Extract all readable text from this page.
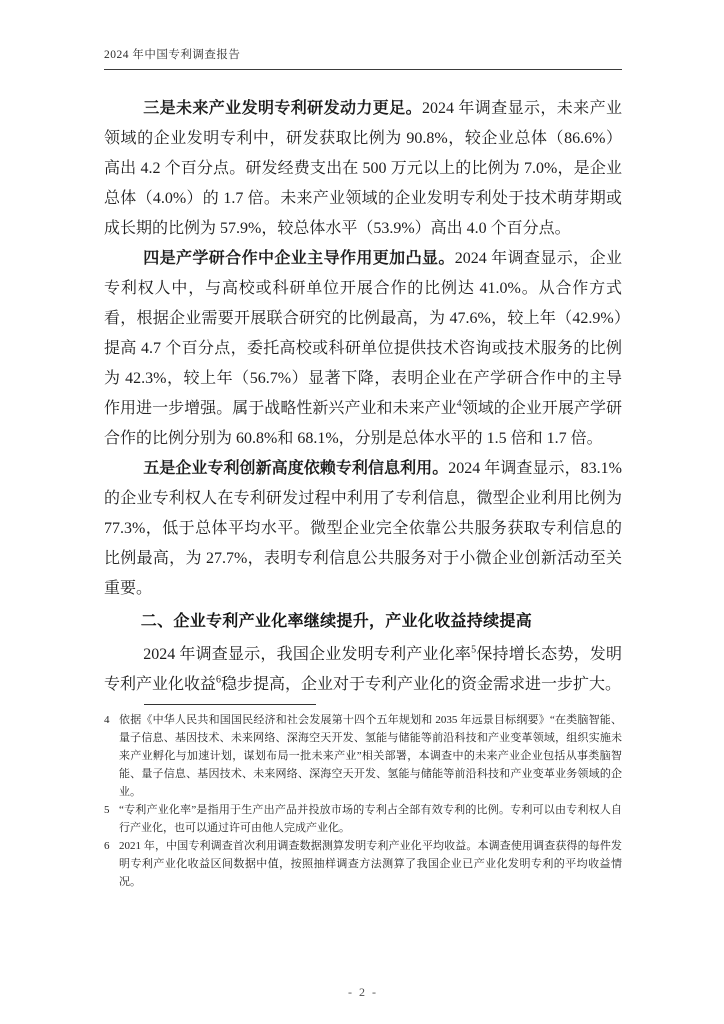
2024 年中国专利调查报告

三是未来产业发明专利研发动力更足。2024 年调查显示，未来产业领域的企业发明专利中，研发获取比例为 90.8%，较企业总体（86.6%）高出 4.2 个百分点。研发经费支出在 500 万元以上的比例为 7.0%，是企业总体（4.0%）的 1.7 倍。未来产业领域的企业发明专利处于技术萌芽期或成长期的比例为 57.9%，较总体水平（53.9%）高出 4.0 个百分点。

四是产学研合作中企业主导作用更加凸显。2024 年调查显示，企业专利权人中，与高校或科研单位开展合作的比例达 41.0%。从合作方式看，根据企业需要开展联合研究的比例最高，为 47.6%，较上年（42.9%）提高 4.7 个百分点，委托高校或科研单位提供技术咨询或技术服务的比例为 42.3%，较上年（56.7%）显著下降，表明企业在产学研合作中的主导作用进一步增强。属于战略性新兴产业和未来产业$^4$领域的企业开展产学研合作的比例分别为 60.8%和 68.1%，分别是总体水平的 1.5 倍和 1.7 倍。

五是企业专利创新高度依赖专利信息利用。2024 年调查显示，83.1%的企业专利权人在专利研发过程中利用了专利信息，微型企业利用比例为 77.3%，低于总体平均水平。微型企业完全依靠公共服务获取专利信息的比例最高，为 27.7%，表明专利信息公共服务对于小微企业创新活动至关重要。

二、企业专利产业化率继续提升，产业化收益持续提高

2024 年调查显示，我国企业发明专利产业化率$^5$保持增长态势，发明专利产业化收益$^6$稳步提高，企业对于专利产业化的资金需求进一步扩大。

4 依据《中华人民共和国国民经济和社会发展第十四个五年规划和 2035 年远景目标纲要》“在类脑智能、量子信息、基因技术、未来网络、深海空天开发、氢能与储能等前沿科技和产业变革领域，组织实施未来产业孵化与加速计划，谋划布局一批未来产业”相关部署，本调查中的未来产业企业包括从事类脑智能、量子信息、基因技术、未来网络、深海空天开发、氢能与储能等前沿科技和产业变革业务领域的企业。
5 “专利产业化率”是指用于生产出产品并投放市场的专利占全部有效专利的比例。专利可以由专利权人自行产业化，也可以通过许可由他人完成产业化。
6 2021 年，中国专利调查首次利用调查数据测算发明专利产业化平均收益。本调查使用调查获得的每件发明专利产业化收益区间数据中值，按照抽样调查方法测算了我国企业已产业化发明专利的平均收益情况。
- 2 -
